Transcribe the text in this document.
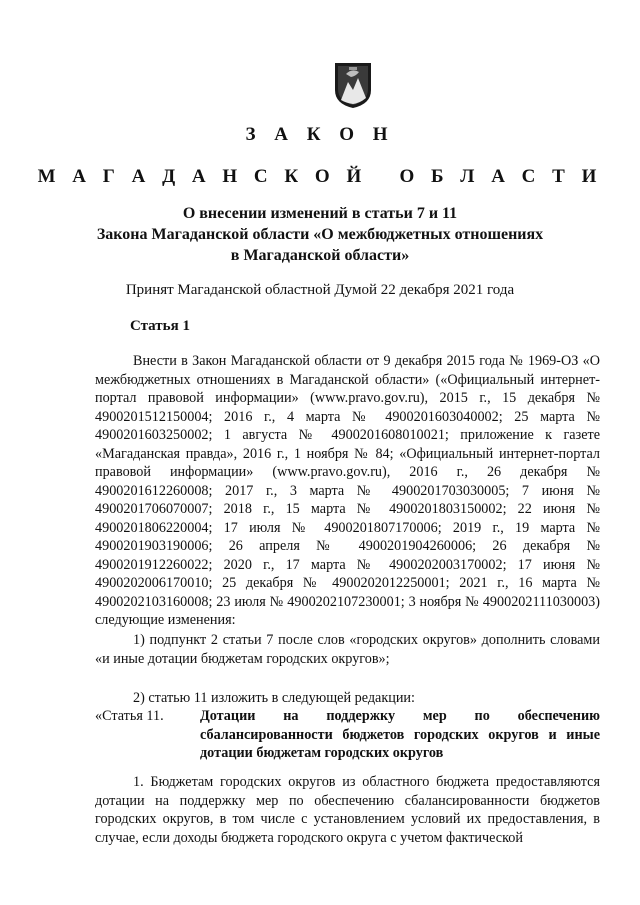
З А К О Н
М А Г А Д А Н С К О Й   О Б Л А С Т И
О внесении изменений в статьи 7 и 11
Закона Магаданской области «О межбюджетных отношениях
в Магаданской области»
Принят Магаданской областной Думой 22 декабря 2021 года
Статья 1

Внести в Закон Магаданской области от 9 декабря 2015 года № 1969-ОЗ «О межбюджетных отношениях в Магаданской области» («Официальный интернет-портал правовой информации» (www.pravo.gov.ru), 2015 г., 15 декабря № 4900201512150004; 2016 г., 4 марта № 4900201603040002; 25 марта № 4900201603250002; 1 августа № 4900201608010021; приложение к газете «Магаданская правда», 2016 г., 1 ноября № 84; «Официальный интернет-портал правовой информации» (www.pravo.gov.ru), 2016 г., 26 декабря № 4900201612260008; 2017 г., 3 марта № 4900201703030005; 7 июня № 4900201706070007; 2018 г., 15 марта № 4900201803150002; 22 июня № 4900201806220004; 17 июля № 4900201807170006; 2019 г., 19 марта № 4900201903190006; 26 апреля № 4900201904260006; 26 декабря № 4900201912260022; 2020 г., 17 марта № 4900202003170002; 17 июня № 4900202006170010; 25 декабря № 4900202012250001; 2021 г., 16 марта № 4900202103160008; 23 июля № 4900202107230001; 3 ноября № 4900202111030003) следующие изменения:

1) подпункт 2 статьи 7 после слов «городских округов» дополнить словами «и иные дотации бюджетам городских округов»;

2) статью 11 изложить в следующей редакции:

«Статья 11.	Дотации на поддержку мер по обеспечению сбалансированности бюджетов городских округов и иные дотации бюджетам городских округов

1. Бюджетам городских округов из областного бюджета предоставляются дотации на поддержку мер по обеспечению сбалансированности бюджетов городских округов, в том числе с установлением условий их предоставления, в случае, если доходы бюджета городского округа с учетом фактической
